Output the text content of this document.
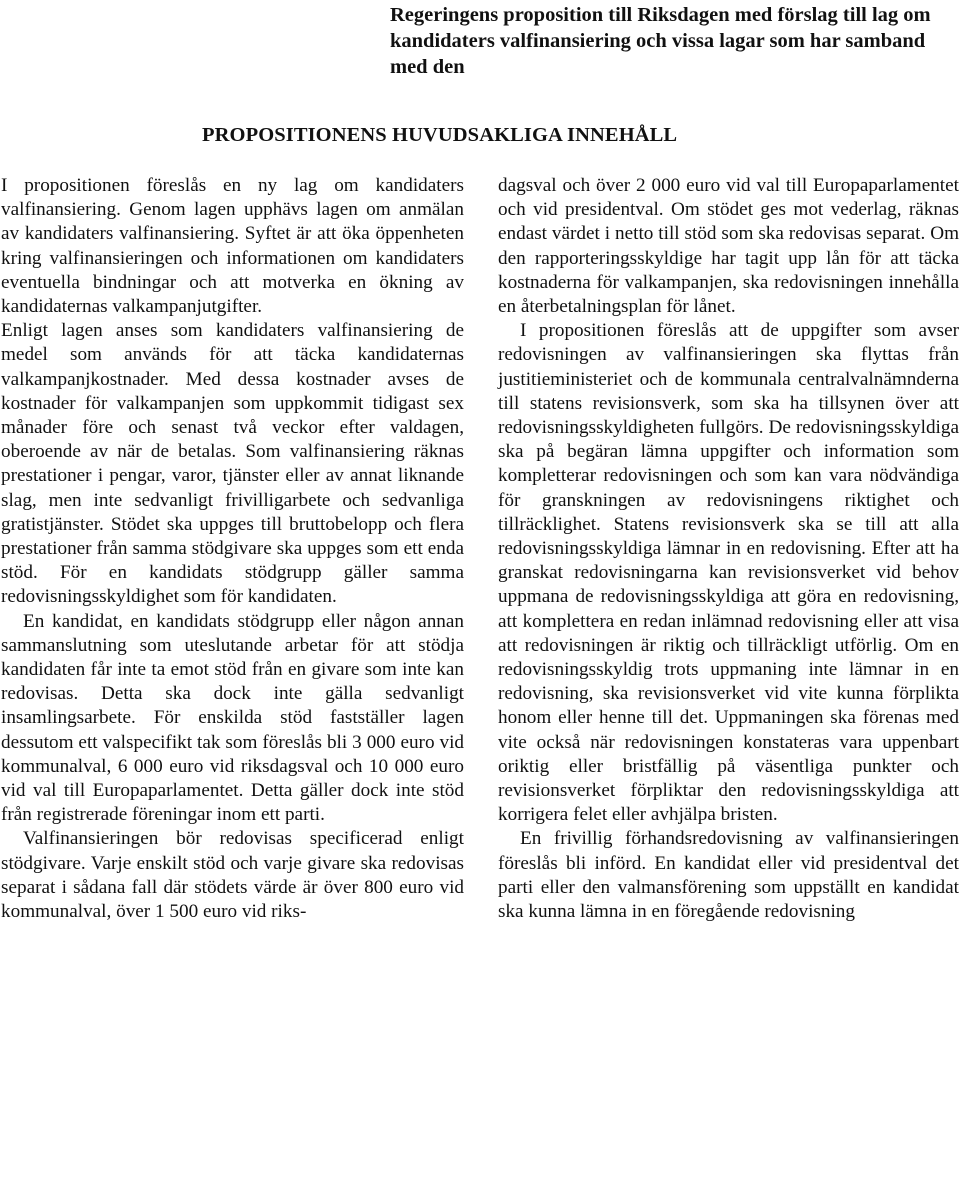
Regeringens proposition till Riksdagen med förslag till lag om kandidaters valfinansiering och vissa lagar som har samband med den
PROPOSITIONENS HUVUDSAKLIGA INNEHÅLL

I propositionen föreslås en ny lag om kandidaters valfinansiering. Genom lagen upphävs lagen om anmälan av kandidaters valfinansiering. Syftet är att öka öppenheten kring valfinansieringen och informationen om kandidaters eventuella bindningar och att motverka en ökning av kandidaternas valkampanjutgifter.

Enligt lagen anses som kandidaters valfinansiering de medel som används för att täcka kandidaternas valkampanjkostnader. Med dessa kostnader avses de kostnader för valkampanjen som uppkommit tidigast sex månader före och senast två veckor efter valdagen, oberoende av när de betalas. Som valfinansiering räknas prestationer i pengar, varor, tjänster eller av annat liknande slag, men inte sedvanligt frivilligarbete och sedvanliga gratistjänster. Stödet ska uppges till bruttobelopp och flera prestationer från samma stödgivare ska uppges som ett enda stöd. För en kandidats stödgrupp gäller samma redovisningsskyldighet som för kandidaten.

En kandidat, en kandidats stödgrupp eller någon annan sammanslutning som uteslutande arbetar för att stödja kandidaten får inte ta emot stöd från en givare som inte kan redovisas. Detta ska dock inte gälla sedvanligt insamlingsarbete. För enskilda stöd fastställer lagen dessutom ett valspecifikt tak som föreslås bli 3 000 euro vid kommunalval, 6 000 euro vid riksdagsval och 10 000 euro vid val till Europaparlamentet. Detta gäller dock inte stöd från registrerade föreningar inom ett parti.

Valfinansieringen bör redovisas specificerad enligt stödgivare. Varje enskilt stöd och varje givare ska redovisas separat i sådana fall där stödets värde är över 800 euro vid kommunalval, över 1 500 euro vid riks-

dagsval och över 2 000 euro vid val till Europaparlamentet och vid presidentval. Om stödet ges mot vederlag, räknas endast värdet i netto till stöd som ska redovisas separat. Om den rapporteringsskyldige har tagit upp lån för att täcka kostnaderna för valkampanjen, ska redovisningen innehålla en återbetalningsplan för lånet.

I propositionen föreslås att de uppgifter som avser redovisningen av valfinansieringen ska flyttas från justitieministeriet och de kommunala centralvalnämnderna till statens revisionsverk, som ska ha tillsynen över att redovisningsskyldigheten fullgörs. De redovisningsskyldiga ska på begäran lämna uppgifter och information som kompletterar redovisningen och som kan vara nödvändiga för granskningen av redovisningens riktighet och tillräcklighet. Statens revisionsverk ska se till att alla redovisningsskyldiga lämnar in en redovisning. Efter att ha granskat redovisningarna kan revisionsverket vid behov uppmana de redovisningsskyldiga att göra en redovisning, att komplettera en redan inlämnad redovisning eller att visa att redovisningen är riktig och tillräckligt utförlig. Om en redovisningsskyldig trots uppmaning inte lämnar in en redovisning, ska revisionsverket vid vite kunna förplikta honom eller henne till det. Uppmaningen ska förenas med vite också när redovisningen konstateras vara uppenbart oriktig eller bristfällig på väsentliga punkter och revisionsverket förpliktar den redovisningsskyldiga att korrigera felet eller avhjälpa bristen.

En frivillig förhandsredovisning av valfinansieringen föreslås bli införd. En kandidat eller vid presidentval det parti eller den valmansförening som uppställt en kandidat ska kunna lämna in en föregående redovisning
